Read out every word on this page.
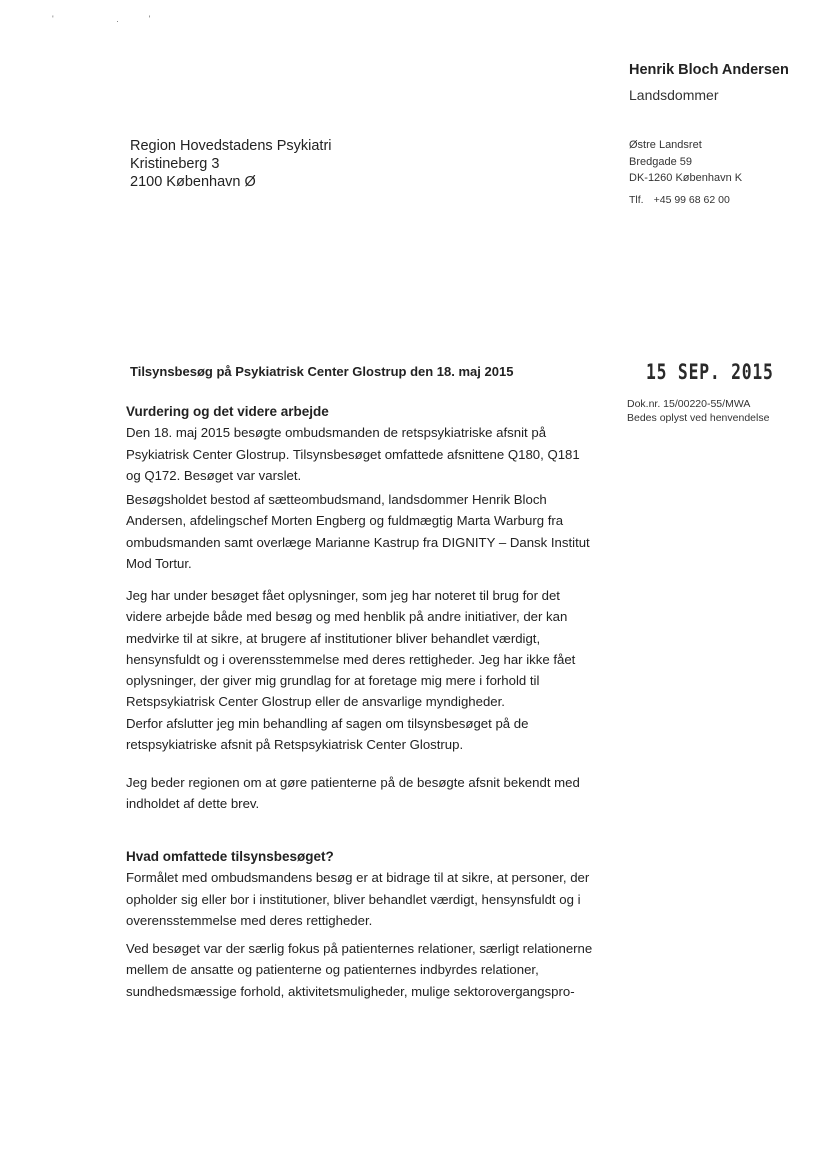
' .'
Henrik Bloch Andersen
Landsdommer
Region Hovedstadens Psykiatri
Kristineberg 3
2100 København Ø
Østre Landsret
Bredgade 59
DK-1260 København K
Tlf. +45 99 68 62 00
Tilsynsbesøg på Psykiatrisk Center Glostrup den 18. maj 2015	15 SEP. 2015
Dok.nr. 15/00220-55/MWA
Bedes oplyst ved henvendelse
Vurdering og det videre arbejde

Den 18. maj 2015 besøgte ombudsmanden de retspsykiatriske afsnit på Psykiatrisk Center Glostrup. Tilsynsbesøget omfattede afsnittene Q180, Q181 og Q172. Besøget var varslet.

Besøgsholdet bestod af sætteombudsmand, landsdommer Henrik Bloch Andersen, afdelingschef Morten Engberg og fuldmægtig Marta Warburg fra ombudsmanden samt overlæge Marianne Kastrup fra DIGNITY – Dansk Institut Mod Tortur.

Jeg har under besøget fået oplysninger, som jeg har noteret til brug for det videre arbejde både med besøg og med henblik på andre initiativer, der kan medvirke til at sikre, at brugere af institutioner bliver behandlet værdigt, hensynsfuldt og i overensstemmelse med deres rettigheder. Jeg har ikke fået oplysninger, der giver mig grundlag for at foretage mig mere i forhold til Retspsykiatrisk Center Glostrup eller de ansvarlige myndigheder.

Derfor afslutter jeg min behandling af sagen om tilsynsbesøget på de retspsykiatriske afsnit på Retspsykiatrisk Center Glostrup.

Jeg beder regionen om at gøre patienterne på de besøgte afsnit bekendt med indholdet af dette brev.

Hvad omfattede tilsynsbesøget?

Formålet med ombudsmandens besøg er at bidrage til at sikre, at personer, der opholder sig eller bor i institutioner, bliver behandlet værdigt, hensynsfuldt og i overensstemmelse med deres rettigheder.

Ved besøget var der særlig fokus på patienternes relationer, særligt relationerne mellem de ansatte og patienterne og patienternes indbyrdes relationer, sundhedsmæssige forhold, aktivitetsmuligheder, mulige sektorovergangspro-
